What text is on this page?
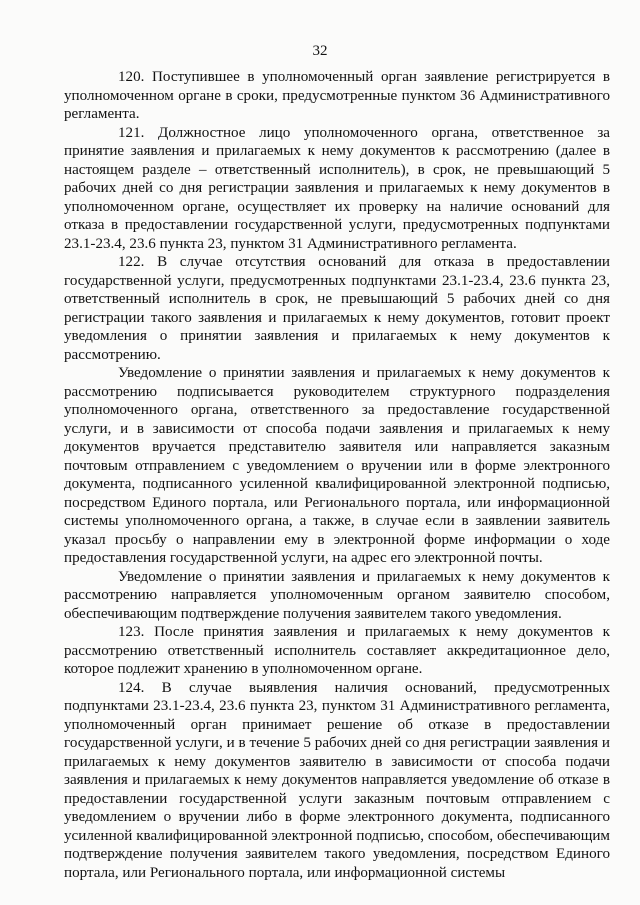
32

120. Поступившее в уполномоченный орган заявление регистрируется в уполномоченном органе в сроки, предусмотренные пунктом 36 Административного регламента.

121. Должностное лицо уполномоченного органа, ответственное за принятие заявления и прилагаемых к нему документов к рассмотрению (далее в настоящем разделе – ответственный исполнитель), в срок, не превышающий 5 рабочих дней со дня регистрации заявления и прилагаемых к нему документов в уполномоченном органе, осуществляет их проверку на наличие оснований для отказа в предоставлении государственной услуги, предусмотренных подпунктами 23.1-23.4, 23.6 пункта 23, пунктом 31 Административного регламента.

122. В случае отсутствия оснований для отказа в предоставлении государственной услуги, предусмотренных подпунктами 23.1-23.4, 23.6 пункта 23, ответственный исполнитель в срок, не превышающий 5 рабочих дней со дня регистрации такого заявления и прилагаемых к нему документов, готовит проект уведомления о принятии заявления и прилагаемых к нему документов к рассмотрению.

Уведомление о принятии заявления и прилагаемых к нему документов к рассмотрению подписывается руководителем структурного подразделения уполномоченного органа, ответственного за предоставление государственной услуги, и в зависимости от способа подачи заявления и прилагаемых к нему документов вручается представителю заявителя или направляется заказным почтовым отправлением с уведомлением о вручении или в форме электронного документа, подписанного усиленной квалифицированной электронной подписью, посредством Единого портала, или Регионального портала, или информационной системы уполномоченного органа, а также, в случае если в заявлении заявитель указал просьбу о направлении ему в электронной форме информации о ходе предоставления государственной услуги, на адрес его электронной почты.

Уведомление о принятии заявления и прилагаемых к нему документов к рассмотрению направляется уполномоченным органом заявителю способом, обеспечивающим подтверждение получения заявителем такого уведомления.

123. После принятия заявления и прилагаемых к нему документов к рассмотрению ответственный исполнитель составляет аккредитационное дело, которое подлежит хранению в уполномоченном органе.

124. В случае выявления наличия оснований, предусмотренных подпунктами 23.1-23.4, 23.6 пункта 23, пунктом 31 Административного регламента, уполномоченный орган принимает решение об отказе в предоставлении государственной услуги, и в течение 5 рабочих дней со дня регистрации заявления и прилагаемых к нему документов заявителю в зависимости от способа подачи заявления и прилагаемых к нему документов направляется уведомление об отказе в предоставлении государственной услуги заказным почтовым отправлением с уведомлением о вручении либо в форме электронного документа, подписанного усиленной квалифицированной электронной подписью, способом, обеспечивающим подтверждение получения заявителем такого уведомления, посредством Единого портала, или Регионального портала, или информационной системы
